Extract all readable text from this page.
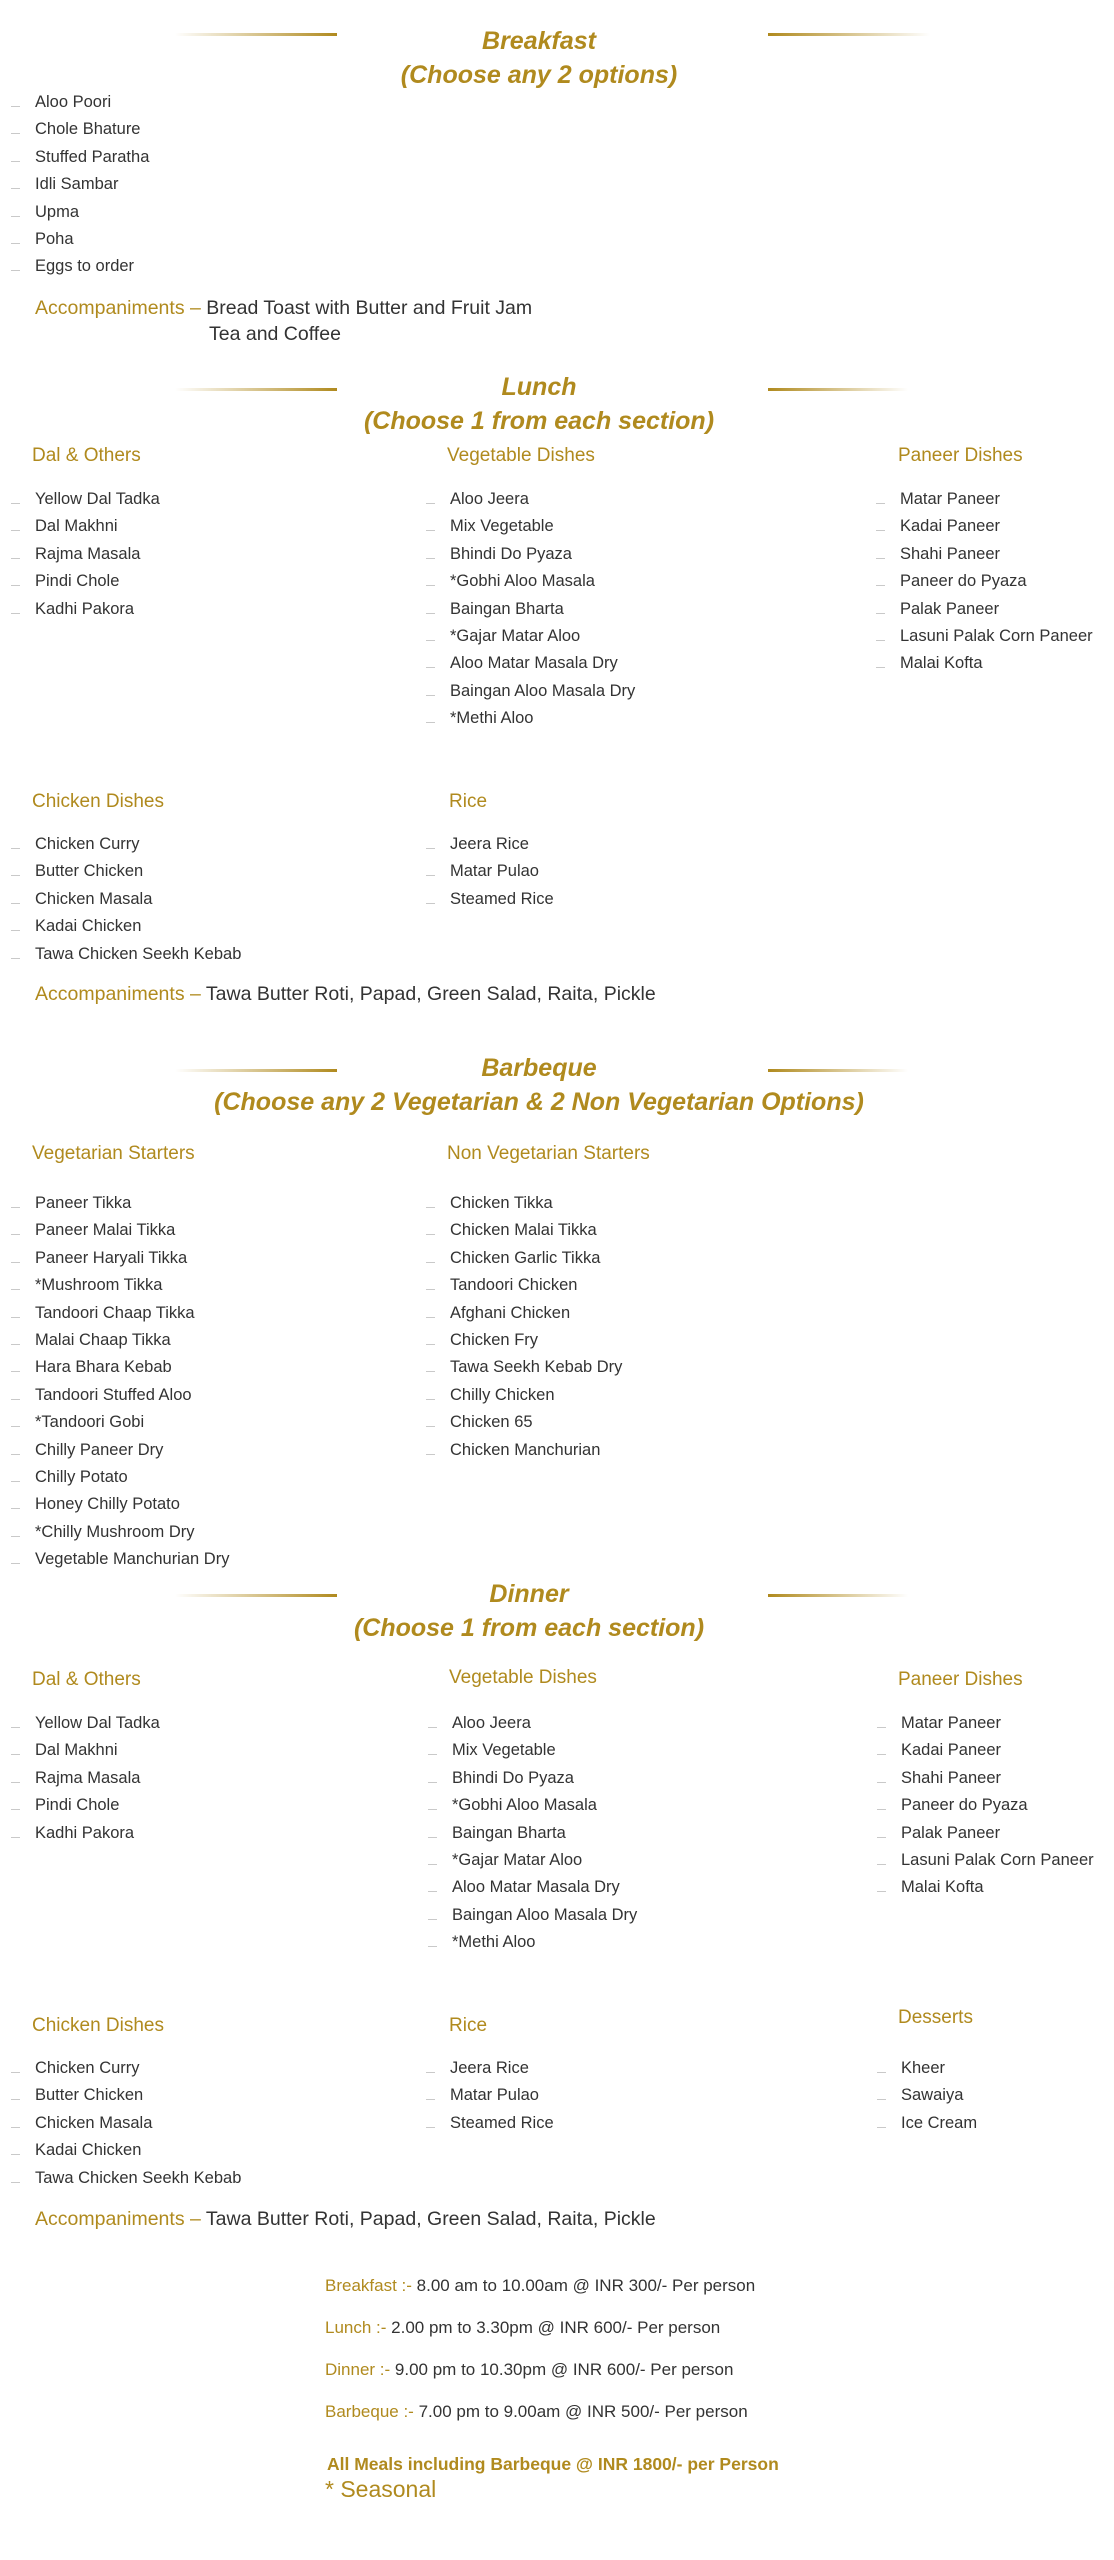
Breakfast
(Choose any 2 options)
Aloo Poori
Chole Bhature
Stuffed Paratha
Idli Sambar
Upma
Poha
Eggs to order
Accompaniments – Bread Toast with Butter and Fruit Jam
Tea and Coffee
Lunch
(Choose 1 from each section)
Dal & Others	Vegetable Dishes	Paneer Dishes
Yellow Dal Tadka
Dal Makhni
Rajma Masala
Pindi Chole
Kadhi Pakora
Aloo Jeera
Mix Vegetable
Bhindi Do Pyaza
*Gobhi Aloo Masala
Baingan Bharta
*Gajar Matar Aloo
Aloo Matar Masala Dry
Baingan Aloo Masala Dry
*Methi Aloo
Matar Paneer
Kadai Paneer
Shahi Paneer
Paneer do Pyaza
Palak Paneer
Lasuni Palak Corn Paneer
Malai Kofta
Chicken Dishes	Rice
Chicken Curry
Butter Chicken
Chicken Masala
Kadai Chicken
Tawa Chicken Seekh Kebab
Jeera Rice
Matar Pulao
Steamed Rice
Accompaniments – Tawa Butter Roti, Papad, Green Salad, Raita, Pickle
Barbeque
(Choose any 2 Vegetarian & 2 Non Vegetarian Options)
Vegetarian Starters	Non Vegetarian Starters
Paneer Tikka
Paneer Malai Tikka
Paneer Haryali Tikka
*Mushroom Tikka
Tandoori Chaap Tikka
Malai Chaap Tikka
Hara Bhara Kebab
Tandoori Stuffed Aloo
*Tandoori Gobi
Chilly Paneer Dry
Chilly Potato
Honey Chilly Potato
*Chilly Mushroom Dry
Vegetable Manchurian Dry
Chicken Tikka
Chicken Malai Tikka
Chicken Garlic Tikka
Tandoori Chicken
Afghani Chicken
Chicken Fry
Tawa Seekh Kebab Dry
Chilly Chicken
Chicken 65
Chicken Manchurian
Dinner
(Choose 1 from each section)
Dal & Others	Vegetable Dishes	Paneer Dishes
Yellow Dal Tadka
Dal Makhni
Rajma Masala
Pindi Chole
Kadhi Pakora
Aloo Jeera
Mix Vegetable
Bhindi Do Pyaza
*Gobhi Aloo Masala
Baingan Bharta
*Gajar Matar Aloo
Aloo Matar Masala Dry
Baingan Aloo Masala Dry
*Methi Aloo
Matar Paneer
Kadai Paneer
Shahi Paneer
Paneer do Pyaza
Palak Paneer
Lasuni Palak Corn Paneer
Malai Kofta
Chicken Dishes	Rice	Desserts
Chicken Curry
Butter Chicken
Chicken Masala
Kadai Chicken
Tawa Chicken Seekh Kebab
Jeera Rice
Matar Pulao
Steamed Rice
Kheer
Sawaiya
Ice Cream
Accompaniments – Tawa Butter Roti, Papad, Green Salad, Raita, Pickle
Breakfast :- 8.00 am to 10.00am @ INR 300/- Per person
Lunch :- 2.00 pm to 3.30pm @ INR 600/- Per person
Dinner :- 9.00 pm to 10.30pm @ INR 600/- Per person
Barbeque :- 7.00 pm to 9.00am @ INR 500/- Per person
All Meals including Barbeque @ INR 1800/- per Person
* Seasonal
